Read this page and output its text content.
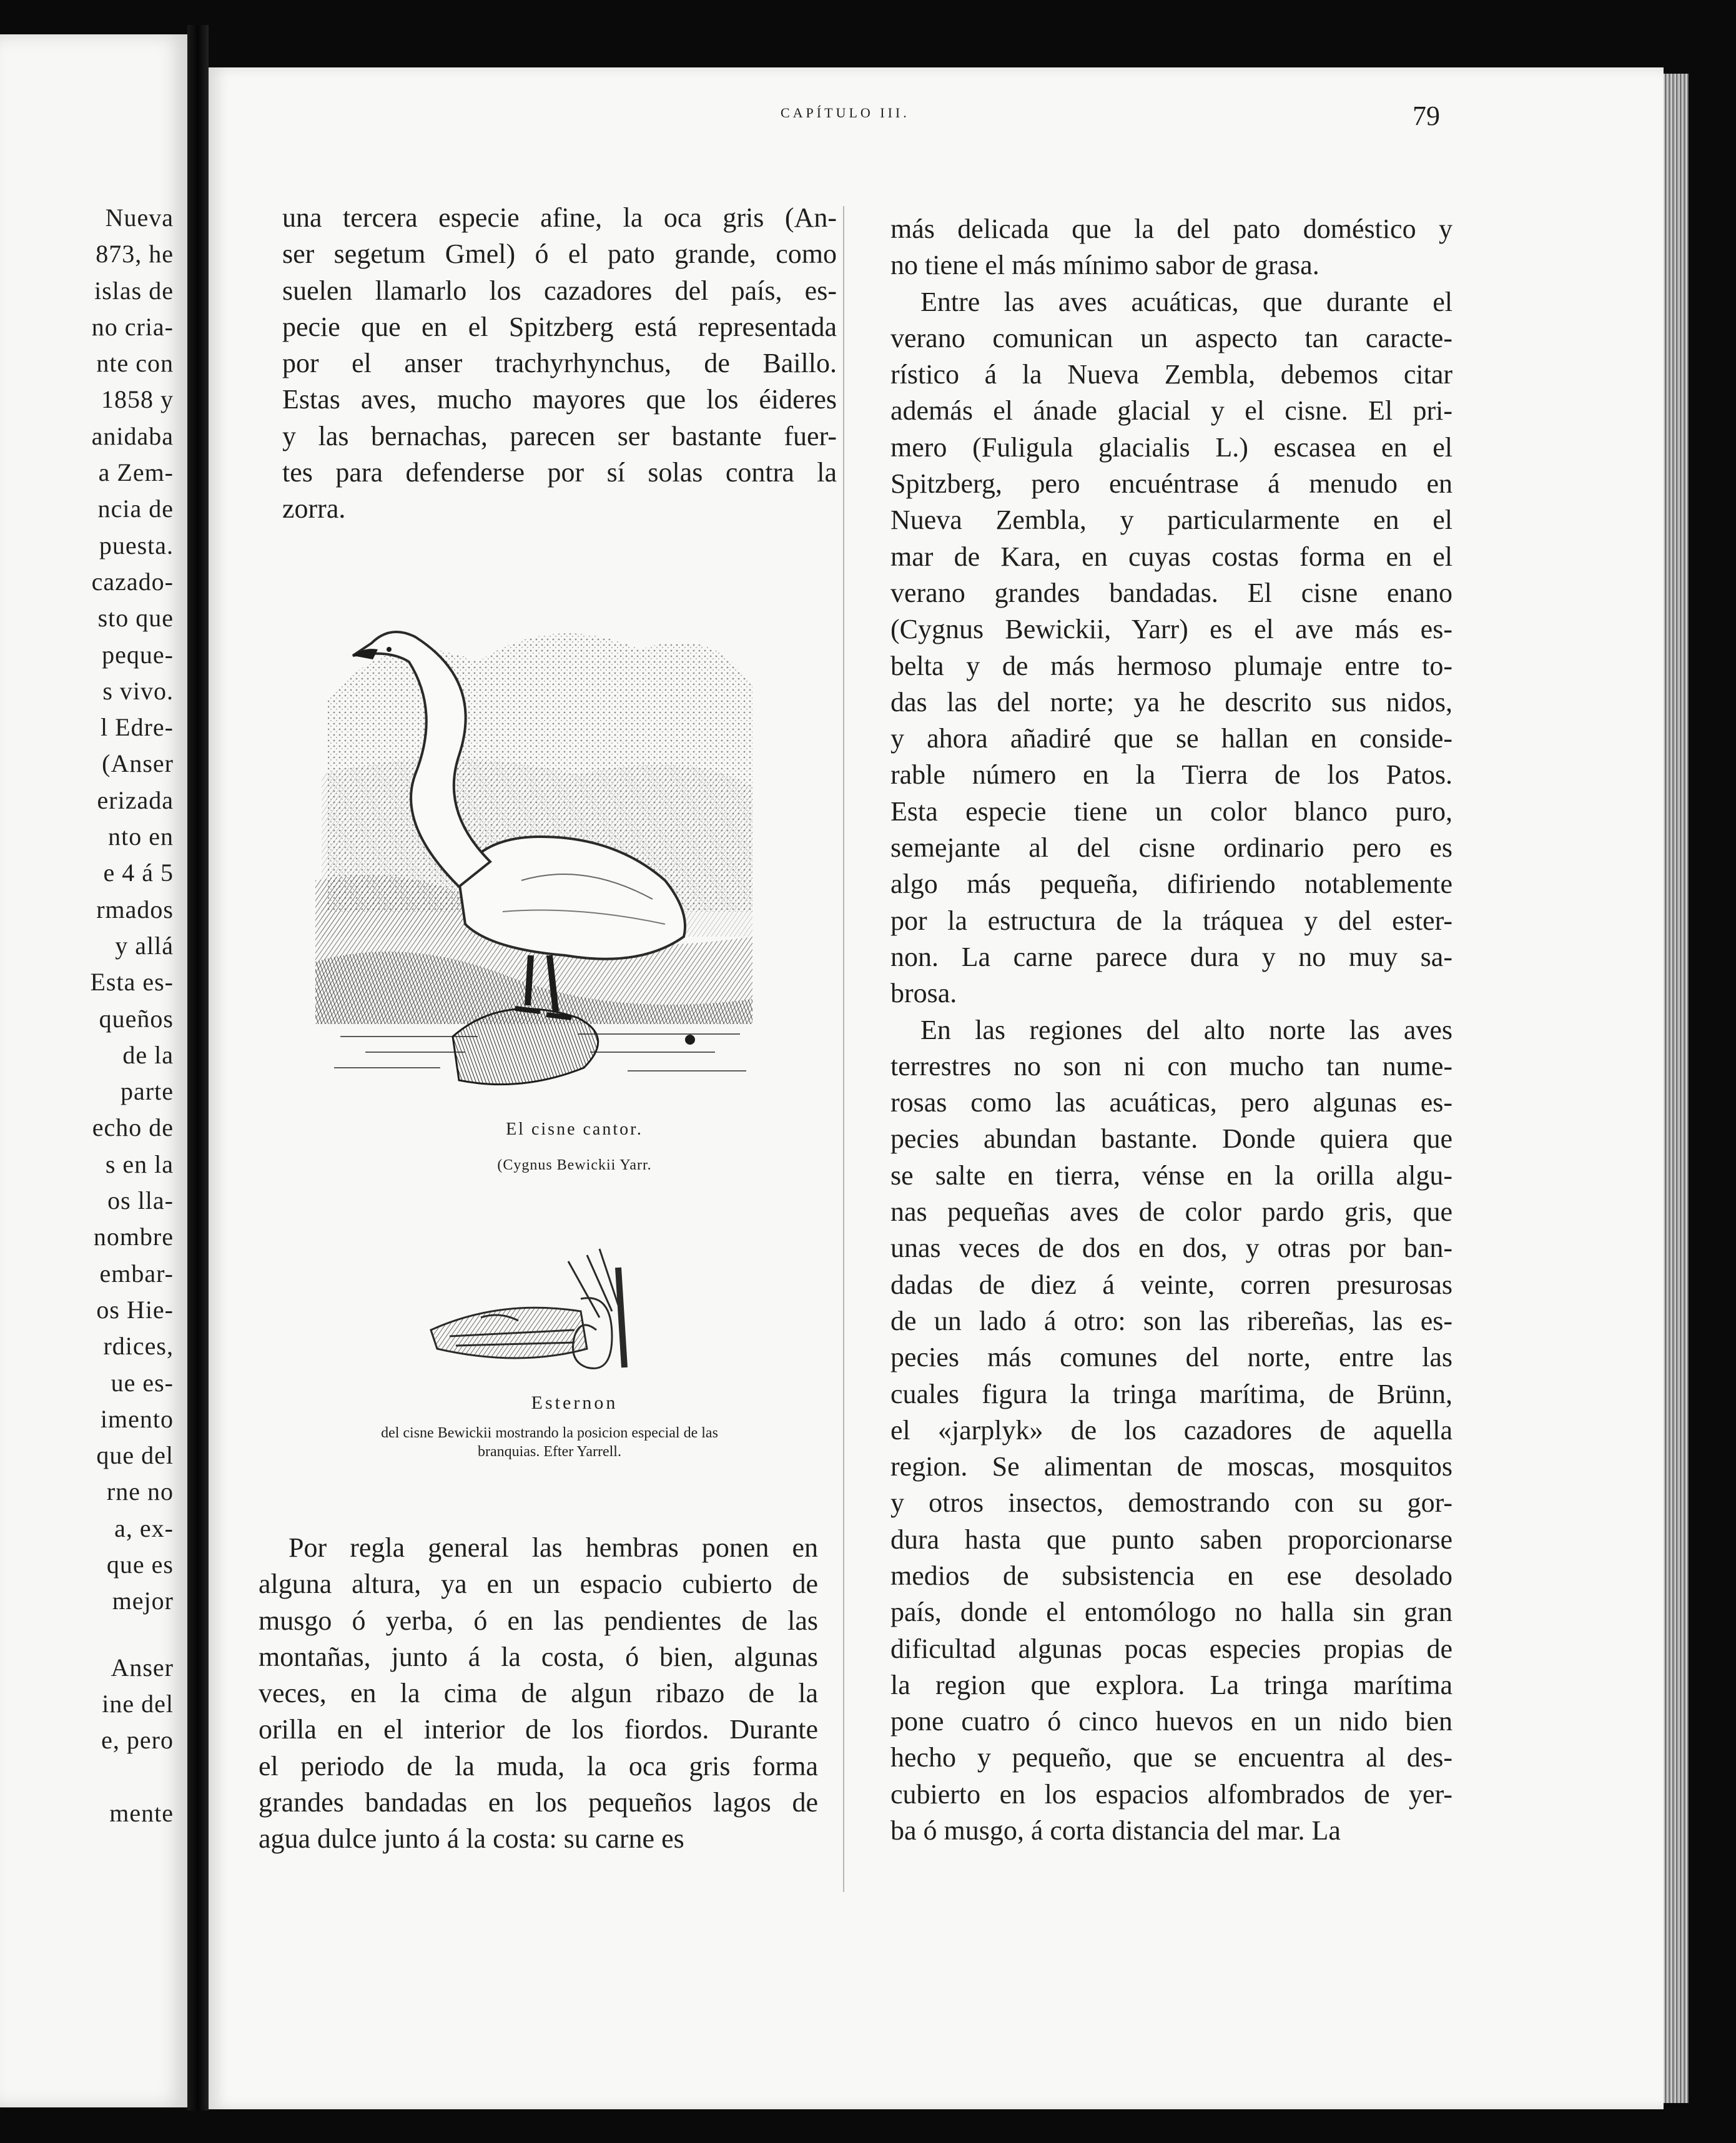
Nueva
873, he
islas de
no cria-
nte con
1858 y
anidaba
a Zem-
ncia de
puesta.
cazado-
sto que
peque-
s vivo.
l Edre-
(Anser
erizada
nto en
e 4 á 5
rmados
y allá
Esta es-
queños
de la
parte
echo de
s en la
os lla-
nombre
embar-
os Hie-
rdices,
ue es-
imento
que del
rne no
a, ex-
que es
mejor
Anser
ine del
e, pero

mente
CAPÍTULO III.	79
una tercera especie afine, la oca gris (An-
ser segetum Gmel) ó el pato grande, como
suelen llamarlo los cazadores del país, es-
pecie que en el Spitzberg está representada
por el anser trachyrhynchus, de Baillo.
Estas aves, mucho mayores que los éideres
y las bernachas, parecen ser bastante fuer-
tes para defenderse por sí solas contra la
zorra.
El cisne cantor.
(Cygnus Bewickii Yarr.
Esternon
del cisne Bewickii mostrando la posicion especial de las
branquias. Efter Yarrell.
Por regla general las hembras ponen en
alguna altura, ya en un espacio cubierto de
musgo ó yerba, ó en las pendientes de las
montañas, junto á la costa, ó bien, algunas
veces, en la cima de algun ribazo de la
orilla en el interior de los fiordos. Durante
el periodo de la muda, la oca gris forma
grandes bandadas en los pequeños lagos de
agua dulce junto á la costa: su carne es
más delicada que la del pato doméstico y
no tiene el más mínimo sabor de grasa.
Entre las aves acuáticas, que durante el
verano comunican un aspecto tan caracte-
rístico á la Nueva Zembla, debemos citar
además el ánade glacial y el cisne. El pri-
mero (Fuligula glacialis L.) escasea en el
Spitzberg, pero encuéntrase á menudo en
Nueva Zembla, y particularmente en el
mar de Kara, en cuyas costas forma en el
verano grandes bandadas. El cisne enano
(Cygnus Bewickii, Yarr) es el ave más es-
belta y de más hermoso plumaje entre to-
das las del norte; ya he descrito sus nidos,
y ahora añadiré que se hallan en conside-
rable número en la Tierra de los Patos.
Esta especie tiene un color blanco puro,
semejante al del cisne ordinario pero es
algo más pequeña, difiriendo notablemente
por la estructura de la tráquea y del ester-
non. La carne parece dura y no muy sa-
brosa.
En las regiones del alto norte las aves
terrestres no son ni con mucho tan nume-
rosas como las acuáticas, pero algunas es-
pecies abundan bastante. Donde quiera que
se salte en tierra, vénse en la orilla algu-
nas pequeñas aves de color pardo gris, que
unas veces de dos en dos, y otras por ban-
dadas de diez á veinte, corren presurosas
de un lado á otro: son las ribereñas, las es-
pecies más comunes del norte, entre las
cuales figura la tringa marítima, de Brünn,
el «jarplyk» de los cazadores de aquella
region. Se alimentan de moscas, mosquitos
y otros insectos, demostrando con su gor-
dura hasta que punto saben proporcionarse
medios de subsistencia en ese desolado
país, donde el entomólogo no halla sin gran
dificultad algunas pocas especies propias de
la region que explora. La tringa marítima
pone cuatro ó cinco huevos en un nido bien
hecho y pequeño, que se encuentra al des-
cubierto en los espacios alfombrados de yer-
ba ó musgo, á corta distancia del mar. La
